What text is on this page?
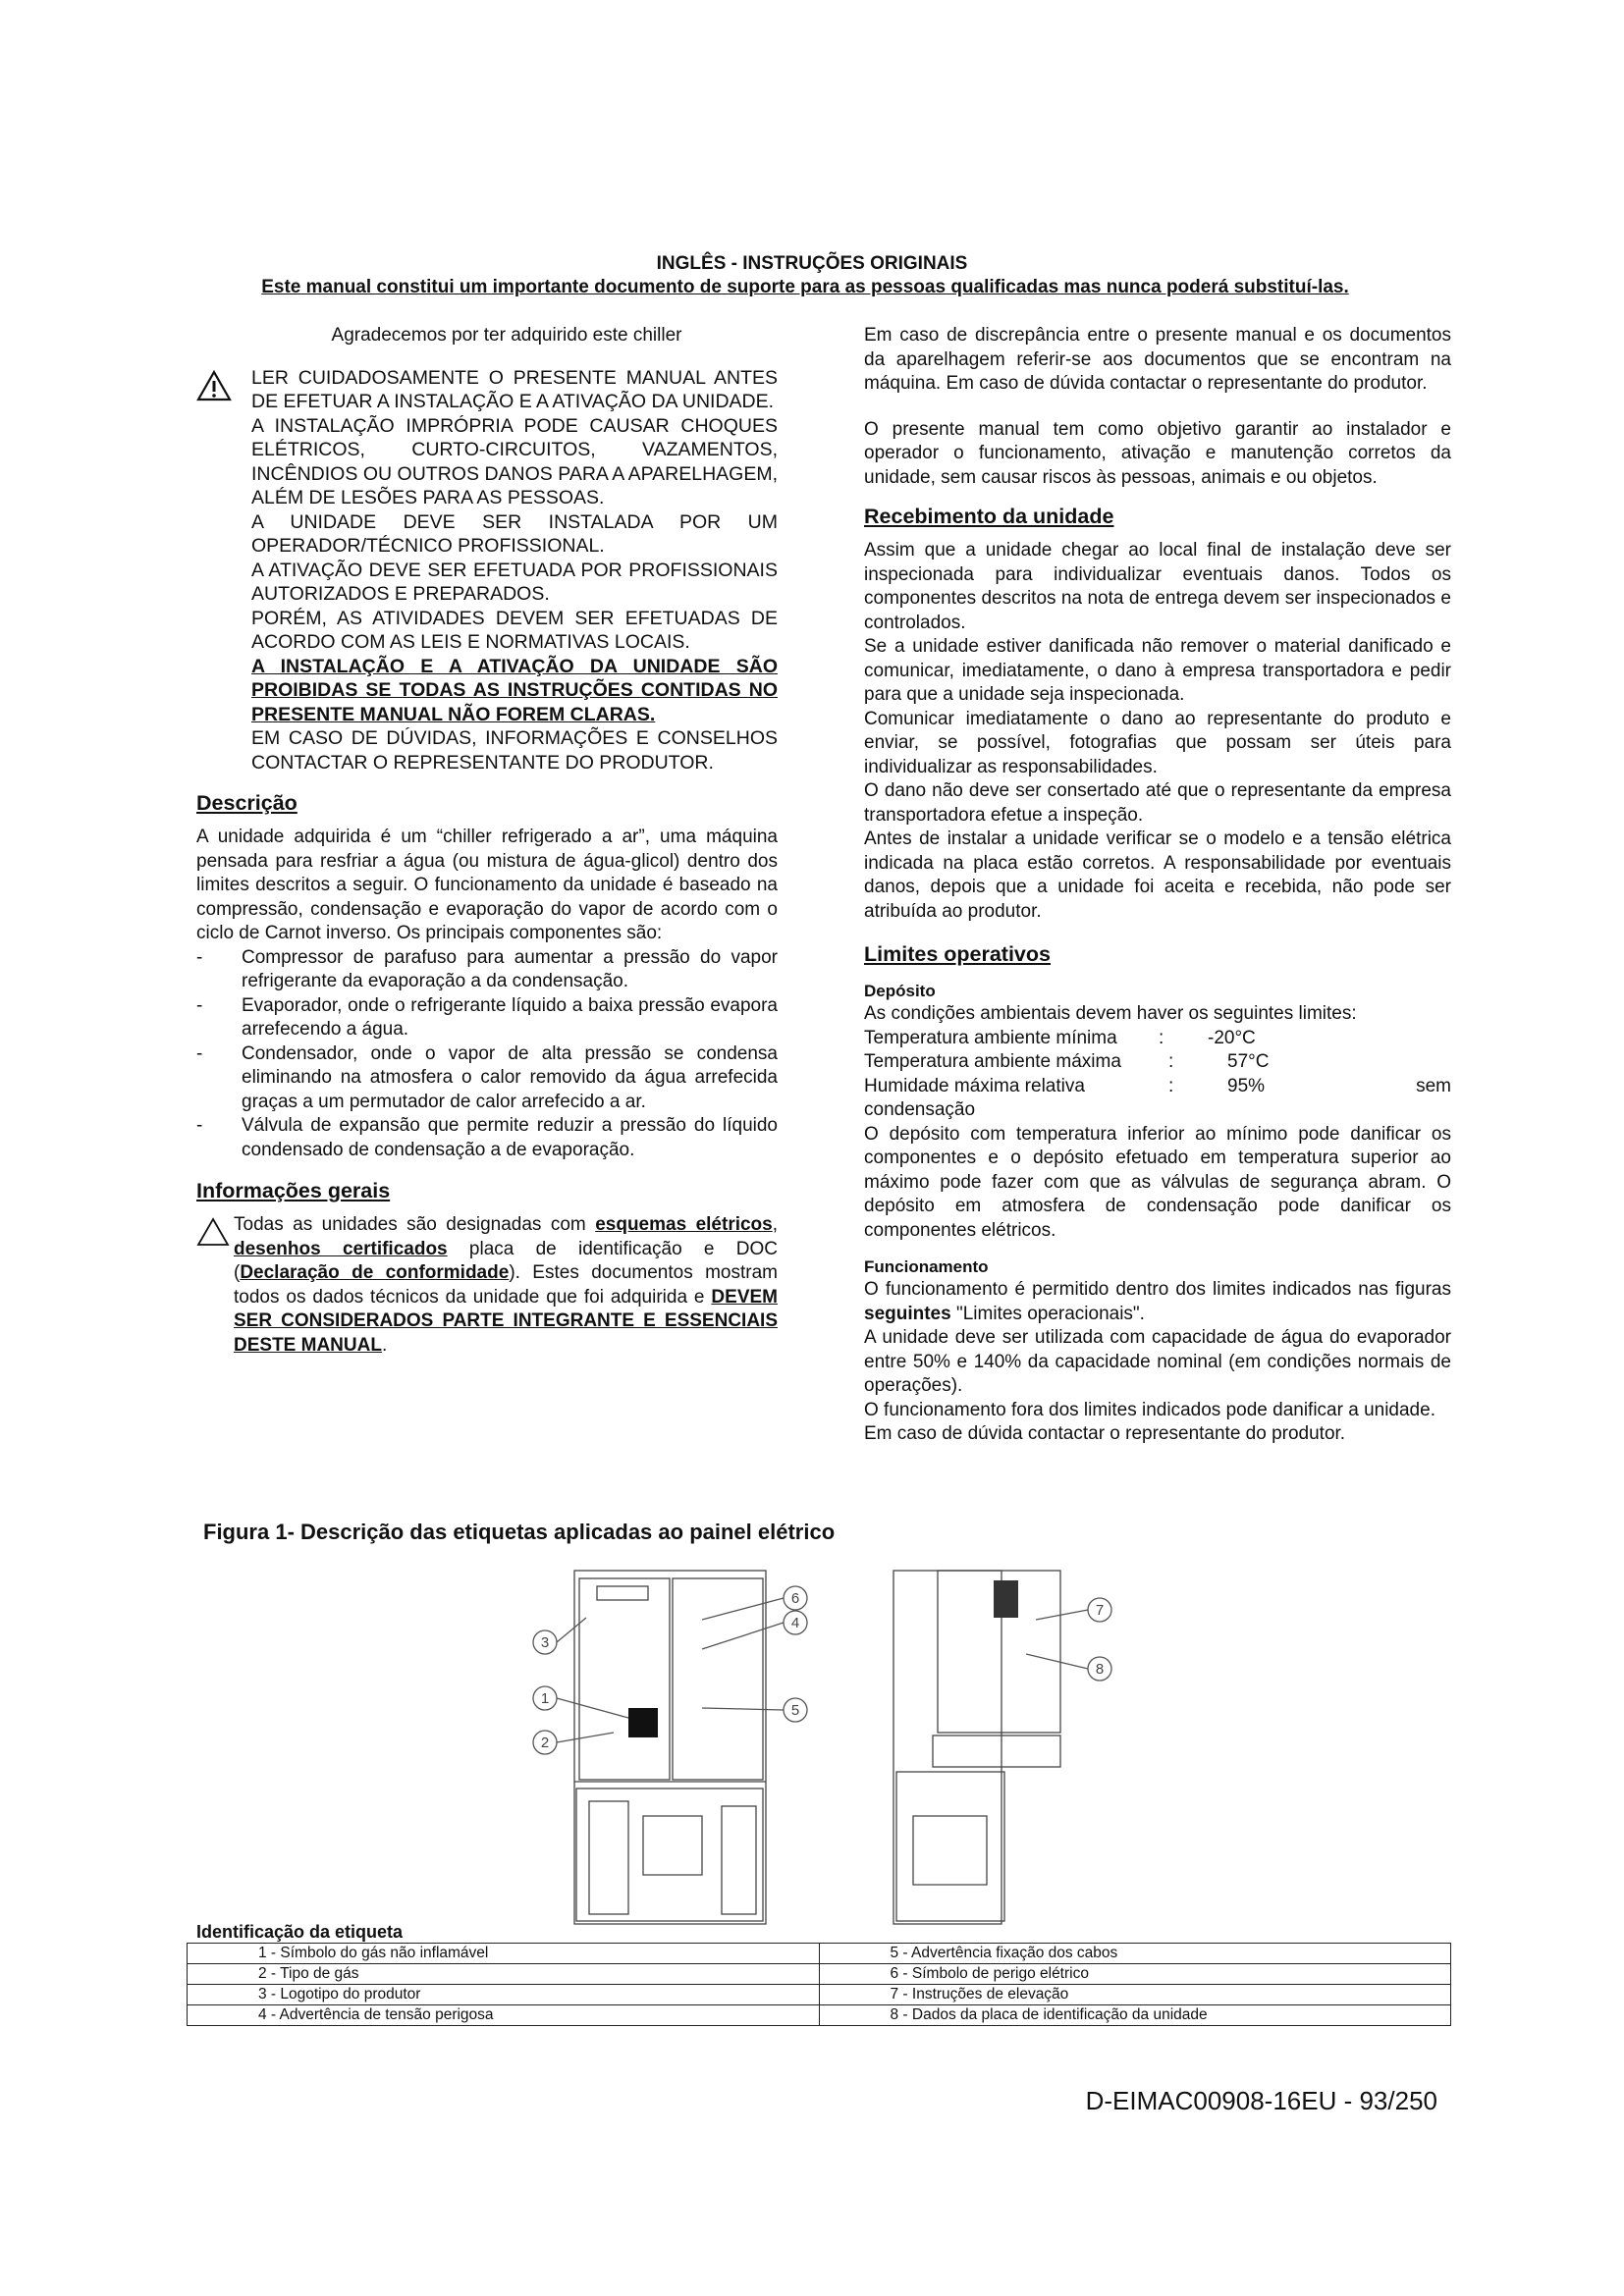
INGLÊS - INSTRUÇÕES ORIGINAIS
Este manual constitui um importante documento de suporte para as pessoas qualificadas mas nunca poderá substituí-las.

Agradecemos por ter adquirido este chiller

LER CUIDADOSAMENTE O PRESENTE MANUAL ANTES DE EFETUAR A INSTALAÇÃO E A ATIVAÇÃO DA UNIDADE.

A INSTALAÇÃO IMPRÓPRIA PODE CAUSAR CHOQUES ELÉTRICOS, CURTO-CIRCUITOS, VAZAMENTOS, INCÊNDIOS OU OUTROS DANOS PARA A APARELHAGEM, ALÉM DE LESÕES PARA AS PESSOAS.

A UNIDADE DEVE SER INSTALADA POR UM OPERADOR/TÉCNICO PROFISSIONAL.

A ATIVAÇÃO DEVE SER EFETUADA POR PROFISSIONAIS AUTORIZADOS E PREPARADOS.

PORÉM, AS ATIVIDADES DEVEM SER EFETUADAS DE ACORDO COM AS LEIS E NORMATIVAS LOCAIS.

A INSTALAÇÃO E A ATIVAÇÃO DA UNIDADE SÃO PROIBIDAS SE TODAS AS INSTRUÇÕES CONTIDAS NO PRESENTE MANUAL NÃO FOREM CLARAS.

EM CASO DE DÚVIDAS, INFORMAÇÕES E CONSELHOS CONTACTAR O REPRESENTANTE DO PRODUTOR.

Descrição

A unidade adquirida é um “chiller refrigerado a ar”, uma máquina pensada para resfriar a água (ou mistura de água-glicol) dentro dos limites descritos a seguir. O funcionamento da unidade é baseado na compressão, condensação e evaporação do vapor de acordo com o ciclo de Carnot inverso. Os principais componentes são:

-	Compressor de parafuso para aumentar a pressão do vapor refrigerante da evaporação a da condensação.
-	Evaporador, onde o refrigerante líquido a baixa pressão evapora arrefecendo a água.
-	Condensador, onde o vapor de alta pressão se condensa eliminando na atmosfera o calor removido da água arrefecida graças a um permutador de calor arrefecido a ar.
-	Válvula de expansão que permite reduzir a pressão do líquido condensado de condensação a de evaporação.
Informações gerais

Todas as unidades são designadas com esquemas elétricos, desenhos certificados placa de identificação e DOC (Declaração de conformidade). Estes documentos mostram todos os dados técnicos da unidade que foi adquirida e DEVEM SER CONSIDERADOS PARTE INTEGRANTE E ESSENCIAIS DESTE MANUAL.

Em caso de discrepância entre o presente manual e os documentos da aparelhagem referir-se aos documentos que se encontram na máquina. Em caso de dúvida contactar o representante do produtor.

O presente manual tem como objetivo garantir ao instalador e operador o funcionamento, ativação e manutenção corretos da unidade, sem causar riscos às pessoas, animais e ou objetos.

Recebimento da unidade

Assim que a unidade chegar ao local final de instalação deve ser inspecionada para individualizar eventuais danos. Todos os componentes descritos na nota de entrega devem ser inspecionados e controlados.

Se a unidade estiver danificada não remover o material danificado e comunicar, imediatamente, o dano à empresa transportadora e pedir para que a unidade seja inspecionada.

Comunicar imediatamente o dano ao representante do produto e enviar, se possível, fotografias que possam ser úteis para individualizar as responsabilidades.

O dano não deve ser consertado até que o representante da empresa transportadora efetue a inspeção.

Antes de instalar a unidade verificar se o modelo e a tensão elétrica indicada na placa estão corretos. A responsabilidade por eventuais danos, depois que a unidade foi aceita e recebida, não pode ser atribuída ao produtor.

Limites operativos
Depósito

As condições ambientais devem haver os seguintes limites:

Temperatura ambiente mínima	:	-20°C
Temperatura ambiente máxima	:	57°C
Humidade máxima relativa	:	95%	sem

condensação

O depósito com temperatura inferior ao mínimo pode danificar os componentes e o depósito efetuado em temperatura superior ao máximo pode fazer com que as válvulas de segurança abram. O depósito em atmosfera de condensação pode danificar os componentes elétricos.

Funcionamento

O funcionamento é permitido dentro dos limites indicados nas figuras seguintes "Limites operacionais".

A unidade deve ser utilizada com capacidade de água do evaporador entre 50% e 140% da capacidade nominal (em condições normais de operações).

O funcionamento fora dos limites indicados pode danificar a unidade.

Em caso de dúvida contactar o representante do produtor.

Figura 1- Descrição das etiquetas aplicadas ao painel elétrico
3
1
2
6
4
5
7
8
Identificação da etiqueta
1 - Símbolo do gás não inflamável	5 - Advertência fixação dos cabos
2 - Tipo de gás	6 - Símbolo de perigo elétrico
3 - Logotipo do produtor	7 - Instruções de elevação
4 - Advertência de tensão perigosa	8 - Dados da placa de identificação da unidade
D-EIMAC00908-16EU - 93/250
